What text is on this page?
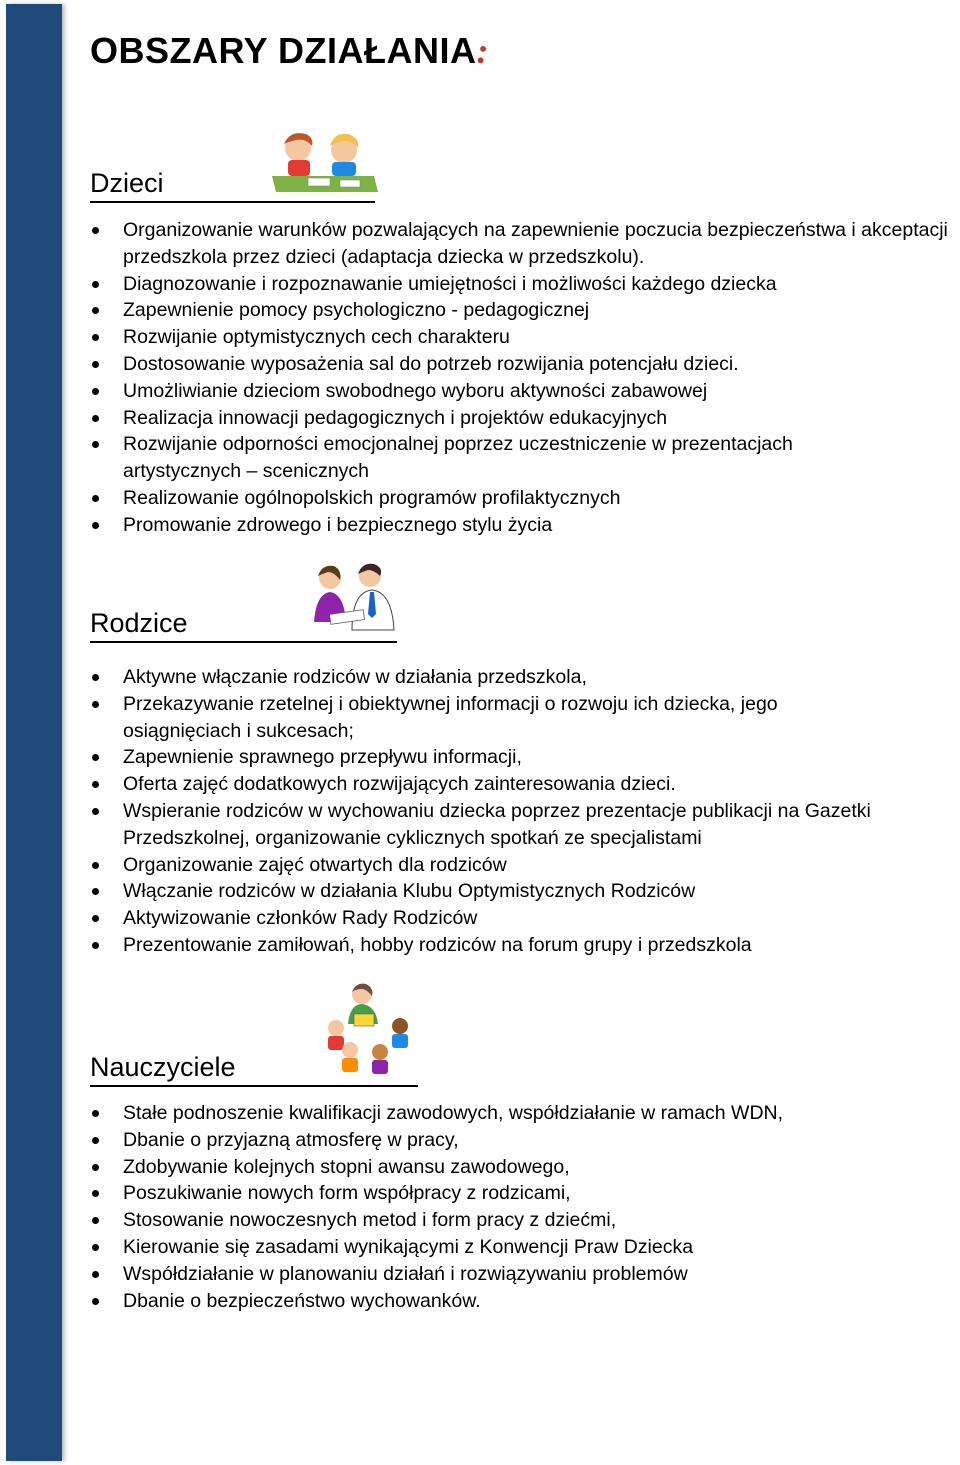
OBSZARY DZIAŁANIA:
Dzieci
Organizowanie warunków pozwalających na zapewnienie poczucia bezpieczeństwa i akceptacji przedszkola przez dzieci (adaptacja dziecka w przedszkolu).
Diagnozowanie i rozpoznawanie umiejętności i możliwości każdego dziecka
Zapewnienie pomocy psychologiczno - pedagogicznej
Rozwijanie optymistycznych cech charakteru
Dostosowanie wyposażenia sal do potrzeb rozwijania potencjału dzieci.
Umożliwianie dzieciom swobodnego wyboru aktywności zabawowej
Realizacja innowacji pedagogicznych i projektów edukacyjnych
Rozwijanie odporności emocjonalnej poprzez uczestniczenie w prezentacjach artystycznych – scenicznych
Realizowanie ogólnopolskich programów profilaktycznych
Promowanie zdrowego i bezpiecznego stylu życia
Rodzice
Aktywne włączanie rodziców w działania przedszkola,
Przekazywanie rzetelnej i obiektywnej informacji o rozwoju ich dziecka, jego osiągnięciach i sukcesach;
Zapewnienie sprawnego przepływu informacji,
Oferta zajęć dodatkowych rozwijających zainteresowania dzieci.
Wspieranie rodziców w wychowaniu dziecka poprzez prezentacje publikacji na Gazetki Przedszkolnej, organizowanie cyklicznych spotkań ze specjalistami
Organizowanie zajęć otwartych dla rodziców
Włączanie rodziców w działania Klubu Optymistycznych Rodziców
Aktywizowanie członków Rady Rodziców
Prezentowanie zamiłowań, hobby rodziców na forum grupy i przedszkola
Nauczyciele
Stałe podnoszenie kwalifikacji zawodowych, współdziałanie w ramach WDN,
Dbanie o przyjazną atmosferę w pracy,
Zdobywanie kolejnych stopni awansu zawodowego,
Poszukiwanie nowych form współpracy z rodzicami,
Stosowanie nowoczesnych metod i form pracy z dziećmi,
Kierowanie się zasadami wynikającymi z Konwencji Praw Dziecka
Współdziałanie w planowaniu działań i rozwiązywaniu problemów
Dbanie o bezpieczeństwo wychowanków.
